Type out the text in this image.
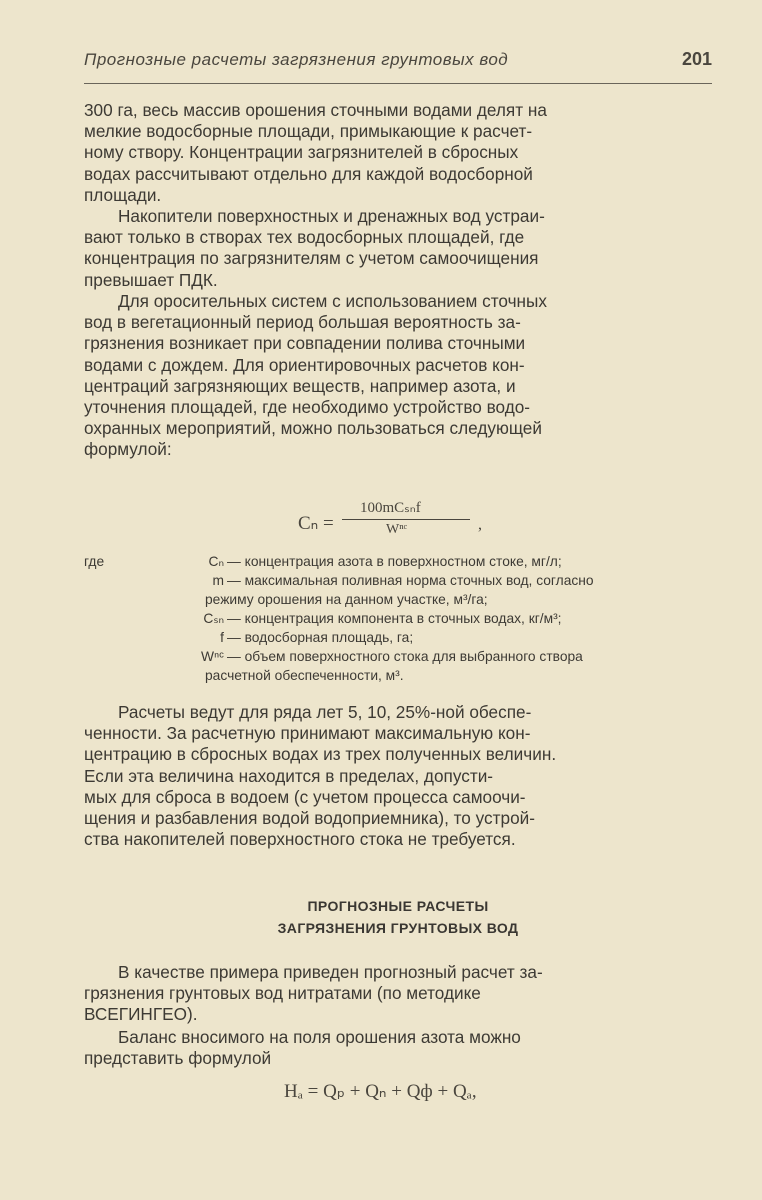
Прогнозные расчеты загрязнения грунтовых вод	201
300 га, весь массив орошения сточными водами делят на
мелкие водосборные площади, примыкающие к расчет-
ному створу. Концентрации загрязнителей в сбросных
водах рассчитывают отдельно для каждой водосборной
площади.
Накопители поверхностных и дренажных вод устраи-
вают только в створах тех водосборных площадей, где
концентрация по загрязнителям с учетом самоочищения
превышает ПДК.
Для оросительных систем с использованием сточных
вод в вегетационный период большая вероятность за-
грязнения возникает при совпадении полива сточными
водами с дождем. Для ориентировочных расчетов кон-
центраций загрязняющих веществ, например азота, и
уточнения площадей, где необходимо устройство водо-
охранных мероприятий, можно пользоваться следующей
формулой:
Cₙ =
100mCₛₙf
Wⁿᶜ	,
где	Cₙ — концентрация азота в поверхностном стоке, мг/л;
m — максимальная поливная норма сточных вод, согласно
режиму орошения на данном участке, м³/га;
Cₛₙ — концентрация компонента в сточных водах, кг/м³;
f — водосборная площадь, га;
Wⁿᶜ — объем поверхностного стока для выбранного створа
расчетной обеспеченности, м³.
Расчеты ведут для ряда лет 5, 10, 25%-ной обеспе-
ченности. За расчетную принимают максимальную кон-
центрацию в сбросных водах из трех полученных величин.
Если эта величина находится в пределах, допусти-
мых для сброса в водоем (с учетом процесса самоочи-
щения и разбавления водой водоприемника), то устрой-
ства накопителей поверхностного стока не требуется.
ПРОГНОЗНЫЕ РАСЧЕТЫ
ЗАГРЯЗНЕНИЯ ГРУНТОВЫХ ВОД
В качестве примера приведен прогнозный расчет за-
грязнения грунтовых вод нитратами (по методике
ВСЕГИНГЕО).
Баланс вносимого на поля орошения азота можно
представить формулой
Hₐ = Qₚ + Qₙ + Qф + Qₐ,
